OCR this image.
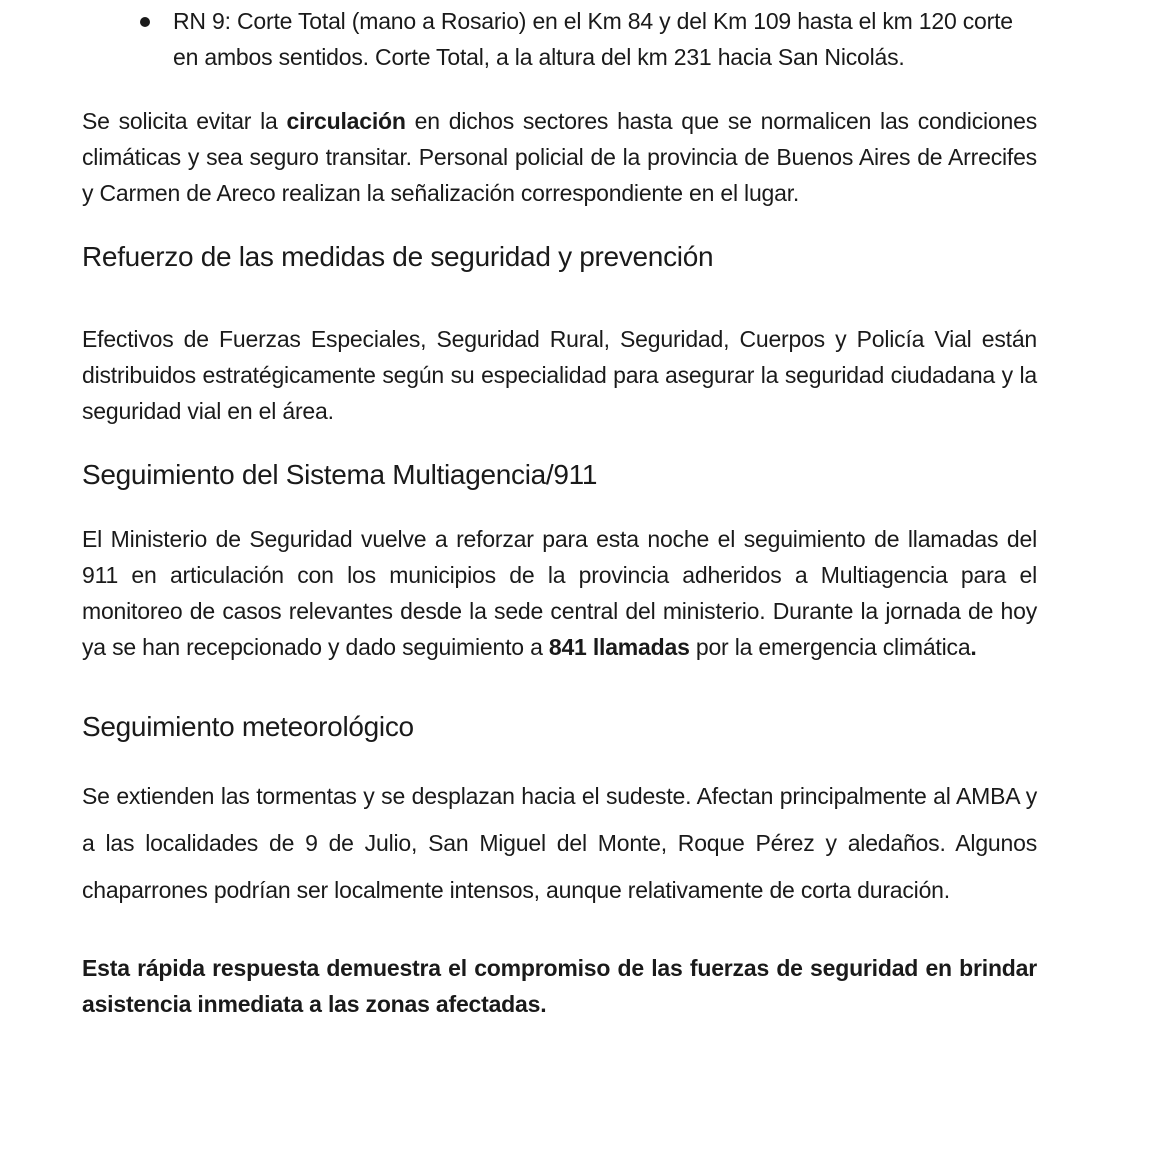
RN 9: Corte Total (mano a Rosario) en el Km 84 y del Km 109 hasta el km 120 corte en ambos sentidos. Corte Total, a la altura del km 231 hacia San Nicolás.

Se solicita evitar la circulación en dichos sectores hasta que se normalicen las condiciones climáticas y sea seguro transitar. Personal policial de la provincia de Buenos Aires de Arrecifes y Carmen de Areco realizan la señalización correspondiente en el lugar.

Refuerzo de las medidas de seguridad y prevención

Efectivos de Fuerzas Especiales, Seguridad Rural, Seguridad, Cuerpos y Policía Vial están distribuidos estratégicamente según su especialidad para asegurar la seguridad ciudadana y la seguridad vial en el área.

Seguimiento del Sistema Multiagencia/911

El Ministerio de Seguridad vuelve a reforzar para esta noche el seguimiento de llamadas del 911 en articulación con los municipios de la provincia adheridos a Multiagencia para el monitoreo de casos relevantes desde la sede central del ministerio. Durante la jornada de hoy ya se han recepcionado y dado seguimiento a 841 llamadas por la emergencia climática.

Seguimiento meteorológico

Se extienden las tormentas y se desplazan hacia el sudeste. Afectan principalmente al AMBA y a las localidades de 9 de Julio, San Miguel del Monte, Roque Pérez y aledaños. Algunos chaparrones podrían ser localmente intensos, aunque relativamente de corta duración.

Esta rápida respuesta demuestra el compromiso de las fuerzas de seguridad en brindar asistencia inmediata a las zonas afectadas.
